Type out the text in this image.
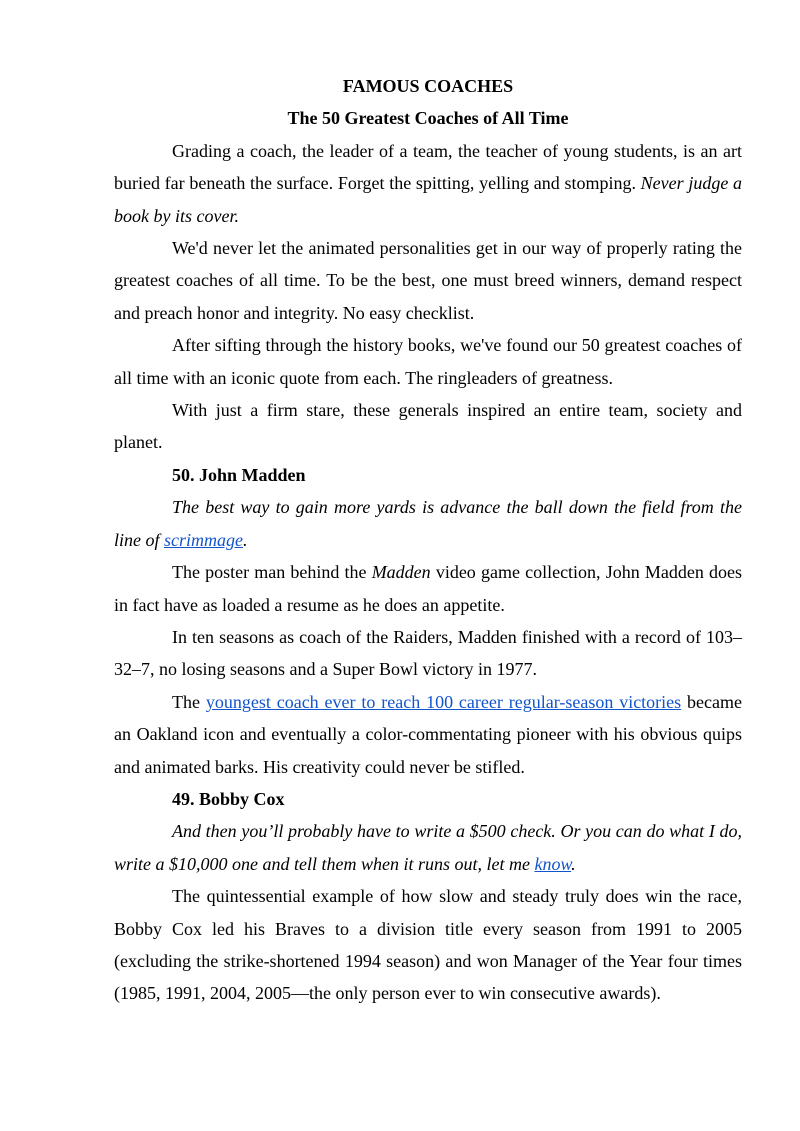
FAMOUS COACHES
The 50 Greatest Coaches of All Time

Grading a coach, the leader of a team, the teacher of young students, is an art buried far beneath the surface. Forget the spitting, yelling and stomping. Never judge a book by its cover.

We'd never let the animated personalities get in our way of properly rating the greatest coaches of all time. To be the best, one must breed winners, demand respect and preach honor and integrity. No easy checklist.

After sifting through the history books, we've found our 50 greatest coaches of all time with an iconic quote from each. The ringleaders of greatness.

With just a firm stare, these generals inspired an entire team, society and planet.

50. John Madden

The best way to gain more yards is advance the ball down the field from the line of scrimmage.

The poster man behind the Madden video game collection, John Madden does in fact have as loaded a resume as he does an appetite.

In ten seasons as coach of the Raiders, Madden finished with a record of 103–32–7, no losing seasons and a Super Bowl victory in 1977.

The youngest coach ever to reach 100 career regular-season victories became an Oakland icon and eventually a color-commentating pioneer with his obvious quips and animated barks. His creativity could never be stifled.

49. Bobby Cox

And then you’ll probably have to write a $500 check. Or you can do what I do, write a $10,000 one and tell them when it runs out, let me know.

The quintessential example of how slow and steady truly does win the race, Bobby Cox led his Braves to a division title every season from 1991 to 2005 (excluding the strike-shortened 1994 season) and won Manager of the Year four times (1985, 1991, 2004, 2005—the only person ever to win consecutive awards).
